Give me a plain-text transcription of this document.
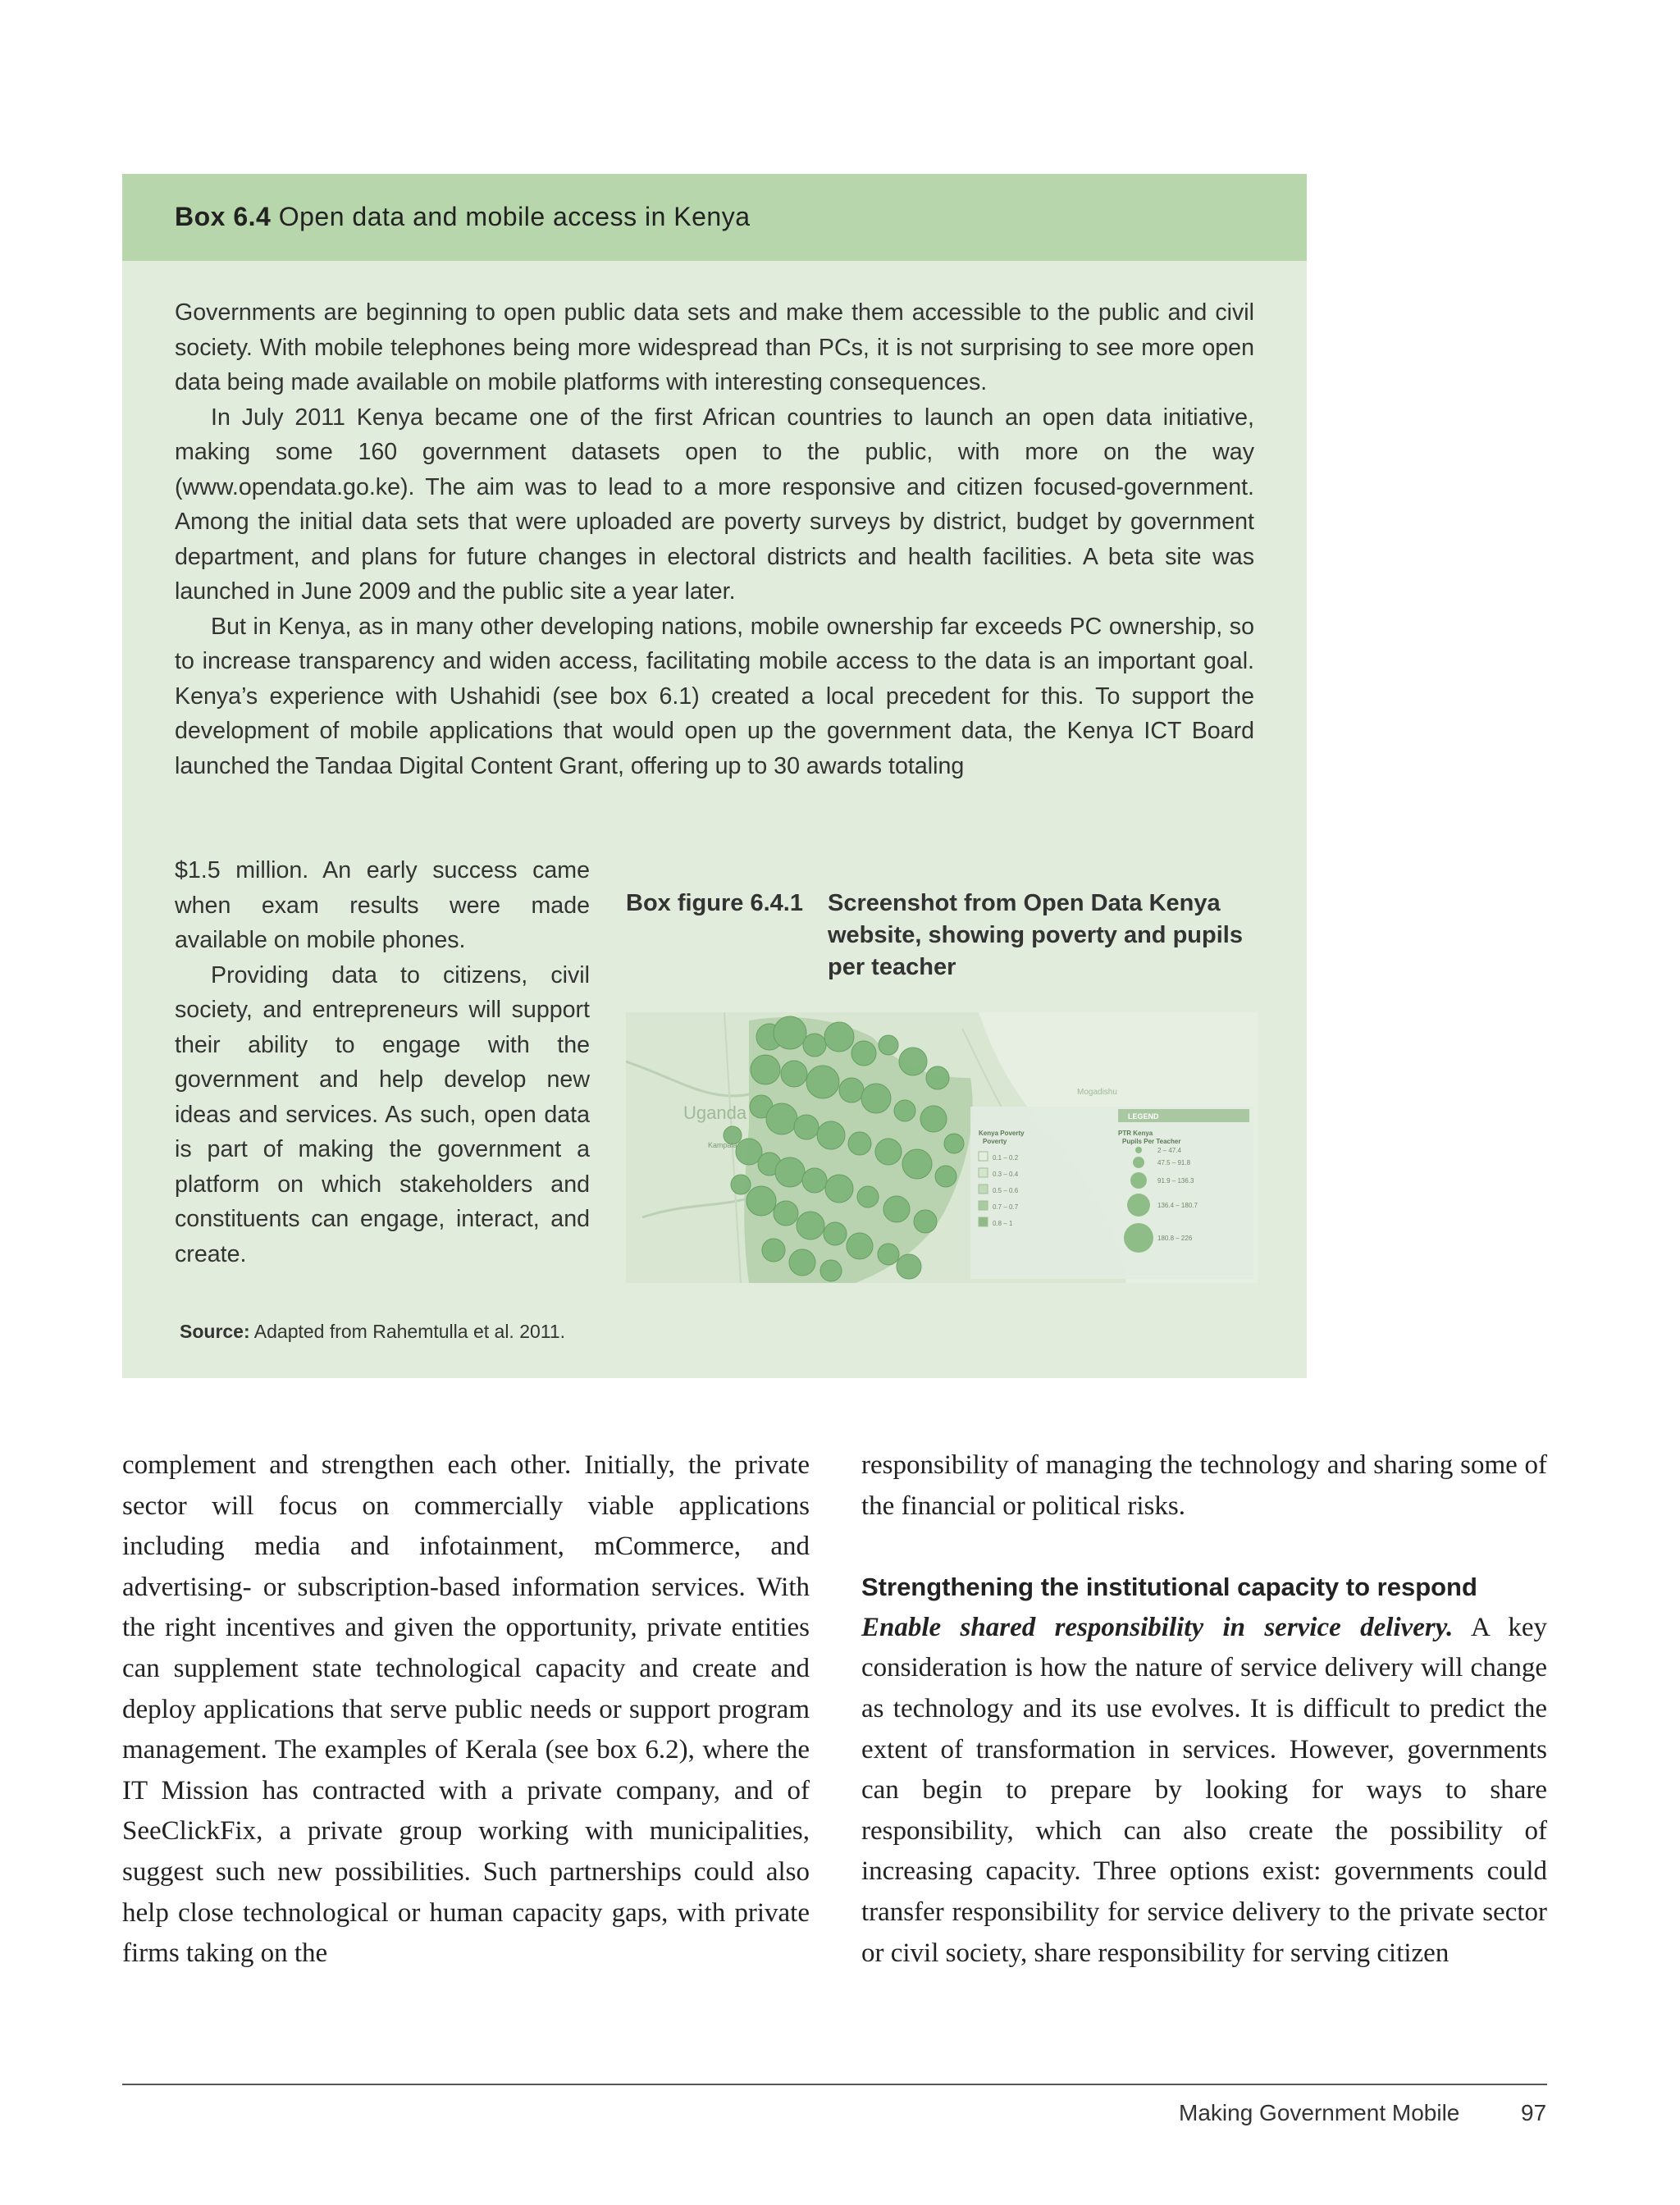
Box 6.4 Open data and mobile access in Kenya

Governments are beginning to open public data sets and make them accessible to the public and civil society. With mobile telephones being more widespread than PCs, it is not surprising to see more open data being made available on mobile platforms with interesting consequences.

In July 2011 Kenya became one of the first African countries to launch an open data initiative, making some 160 government datasets open to the public, with more on the way (www.opendata.go.ke). The aim was to lead to a more responsive and citizen focused-government. Among the initial data sets that were uploaded are poverty surveys by district, budget by government department, and plans for future changes in electoral districts and health facilities. A beta site was launched in June 2009 and the public site a year later.

But in Kenya, as in many other developing nations, mobile ownership far exceeds PC ownership, so to increase transparency and widen access, facilitating mobile access to the data is an important goal. Kenya’s experience with Ushahidi (see box 6.1) created a local precedent for this. To support the development of mobile applications that would open up the government data, the Kenya ICT Board launched the Tandaa Digital Content Grant, offering up to 30 awards totaling

$1.5 million. An early success came when exam results were made available on mobile phones.

Providing data to citizens, civil society, and entrepreneurs will support their ability to engage with the government and help develop new ideas and services. As such, open data is part of making the government a platform on which stakeholders and constituents can engage, interact, and create.

Box figure 6.4.1 Screenshot from Open Data Kenya website, showing poverty and pupils per teacher
Uganda
Kampala
Mogadishu
LEGEND
Kenya Poverty
Poverty
0.1 – 0.2
0.3 – 0.4
0.5 – 0.6
0.7 – 0.7
0.8 – 1
PTR Kenya
Pupils Per Teacher
2 – 47.4
47.5 – 91.8
91.9 – 136.3
136.4 – 180.7
180.8 – 226
Source: Adapted from Rahemtulla et al. 2011.

complement and strengthen each other. Initially, the private sector will focus on commercially viable applications including media and infotainment, mCommerce, and advertising- or subscription-based information services. With the right incentives and given the opportunity, private entities can supplement state technological capacity and create and deploy applications that serve public needs or support program management. The examples of Kerala (see box 6.2), where the IT Mission has contracted with a private company, and of SeeClickFix, a private group working with municipalities, suggest such new possibilities. Such partnerships could also help close technological or human capacity gaps, with private firms taking on the

responsibility of managing the technology and sharing some of the financial or political risks.

Strengthening the institutional capacity to respond

Enable shared responsibility in service delivery. A key consideration is how the nature of service delivery will change as technology and its use evolves. It is difficult to predict the extent of transformation in services. However, governments can begin to prepare by looking for ways to share responsibility, which can also create the possibility of increasing capacity. Three options exist: governments could transfer responsibility for service delivery to the private sector or civil society, share responsibility for serving citizen

Making Government Mobile	97
